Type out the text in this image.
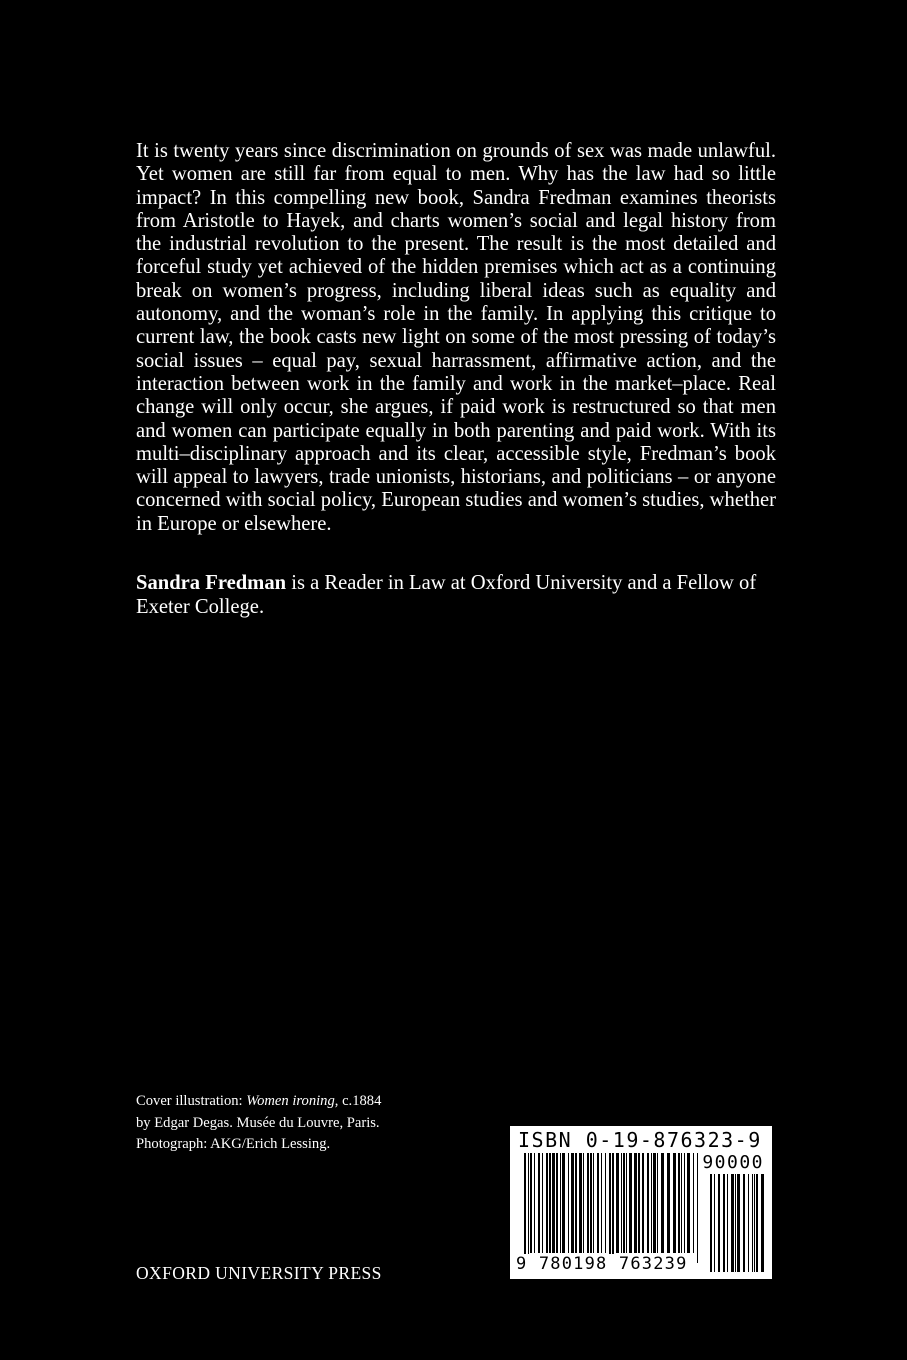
It is twenty years since discrimination on grounds of sex was made unlawful. Yet women are still far from equal to men. Why has the law had so little impact? In this compelling new book, Sandra Fredman examines theorists from Aristotle to Hayek, and charts women’s social and legal history from the industrial revolution to the present. The result is the most detailed and forceful study yet achieved of the hidden premises which act as a continuing break on women’s progress, including liberal ideas such as equality and autonomy, and the woman’s role in the family. In applying this critique to current law, the book casts new light on some of the most pressing of today’s social issues – equal pay, sexual harrassment, affirmative action, and the interaction between work in the family and work in the market–place. Real change will only occur, she argues, if paid work is restructured so that men and women can participate equally in both parenting and paid work. With its multi–disciplinary approach and its clear, accessible style, Fredman’s book will appeal to lawyers, trade unionists, historians, and politicians – or anyone concerned with social policy, European studies and women’s studies, whether in Europe or elsewhere.

Sandra Fredman is a Reader in Law at Oxford University and a Fellow of Exeter College.
Cover illustration: Women ironing, c.1884
by Edgar Degas. Musée du Louvre, Paris.
Photograph: AKG/Erich Lessing.
OXFORD UNIVERSITY PRESS
ISBN 0-19-876323-9
90000
9 780198 763239
